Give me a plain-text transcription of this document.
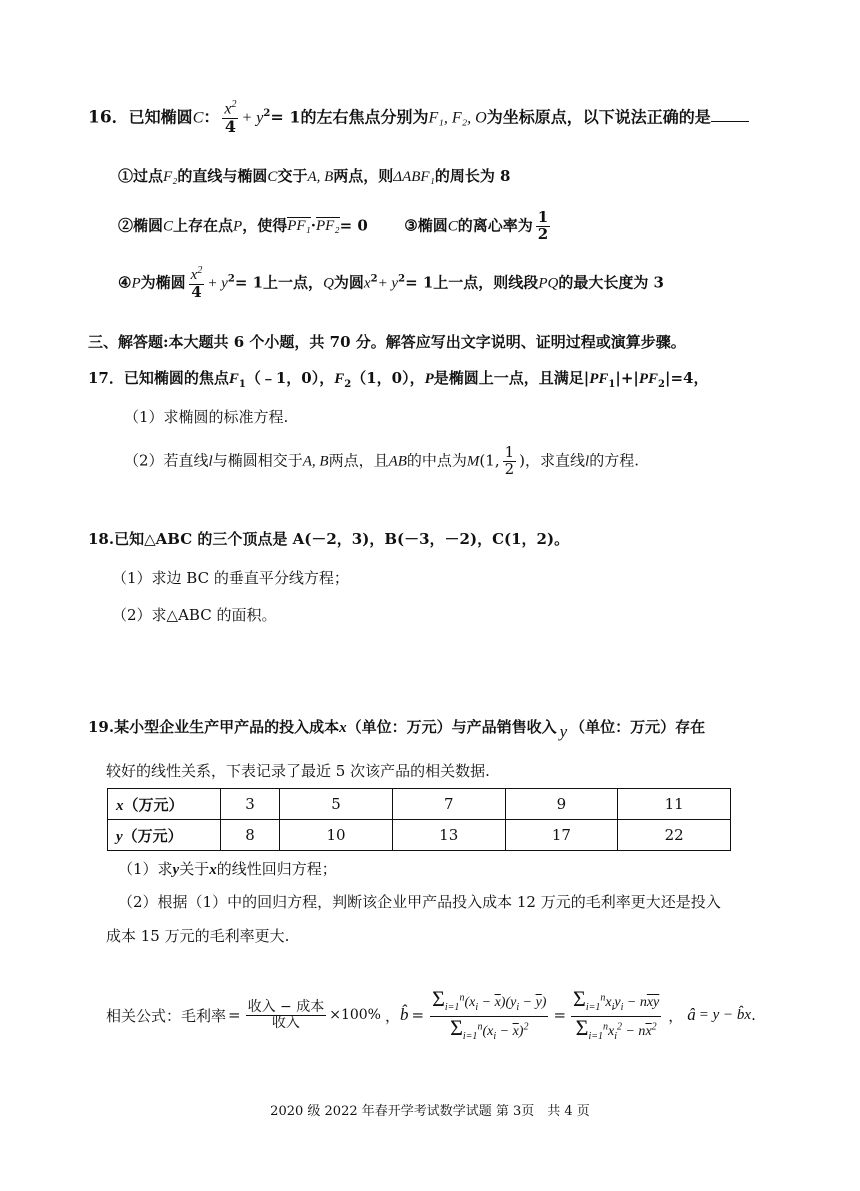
16．已知椭圆C： $\frac{x^2}{4} + y^2= 1$的左右焦点分别为F₁, F₂, O为坐标原点，以下说法正确的是
①过点F₂的直线与椭圆C交于A, B两点，则ΔABF₁的周长为 8
②椭圆C上存在点P，使得PF₁·PF₂= 0 ③椭圆C的离心率为 $\frac{1}{2}$
④P为椭圆 $\frac{x^2}{4} + y^2= 1$上一点，Q为圆$x^2+ y^2= 1$上一点，则线段PQ的最大长度为 3
三、解答题:本大题共 6 个小题，共 70 分。解答应写出文字说明、证明过程或演算步骤。
17．已知椭圆的焦点$F_1(﹣1$，0），$F_2(1$，0），P是椭圆上一点，且满足$|PF_1|+|PF_2|=4$，
（1）求椭圆的标准方程.
（2）若直线l与椭圆相交于A, B两点，且AB的中点为M(1, $\frac{1}{2}$ )，求直线l的方程.
18.已知△ABC 的三个顶点是 A(－2，3)，B(－3，－2)，C(1，2)。
（1）求边 BC 的垂直平分线方程；
（2）求△ABC 的面积。
19.某小型企业生产甲产品的投入成本x（单位：万元）与产品销售收入 y （单位：万元）存在
较好的线性关系，下表记录了最近 5 次该产品的相关数据.
x（万元）	3	5	7	9	11
y（万元）	8	10	13	17	22
（1）求y关于x的线性回归方程；
（2）根据（1）中的回归方程，判断该企业甲产品投入成本 12 万元的毛利率更大还是投入
成本 15 万元的毛利率更大.
相关公式：毛利率 = $\frac{\text{收入 − 成本}}{\text{收入}} \times 100\%$ ， b̂ = $\frac{\Sigma_{i=1}^n(x_i - \overline{x})(y_i - \overline{y})}{\Sigma_{i=1}^n(x_i - \overline{x})^2} = \frac{\Sigma_{i=1}^nx_iy_i - n\overline{x}\overline{y}}{\Sigma_{i=1}^nx_i^2 - n\overline{x}^2}$ ， â = y − b̂x .
2020 级 2022 年春开学考试数学试题 第 3页　共 4 页
